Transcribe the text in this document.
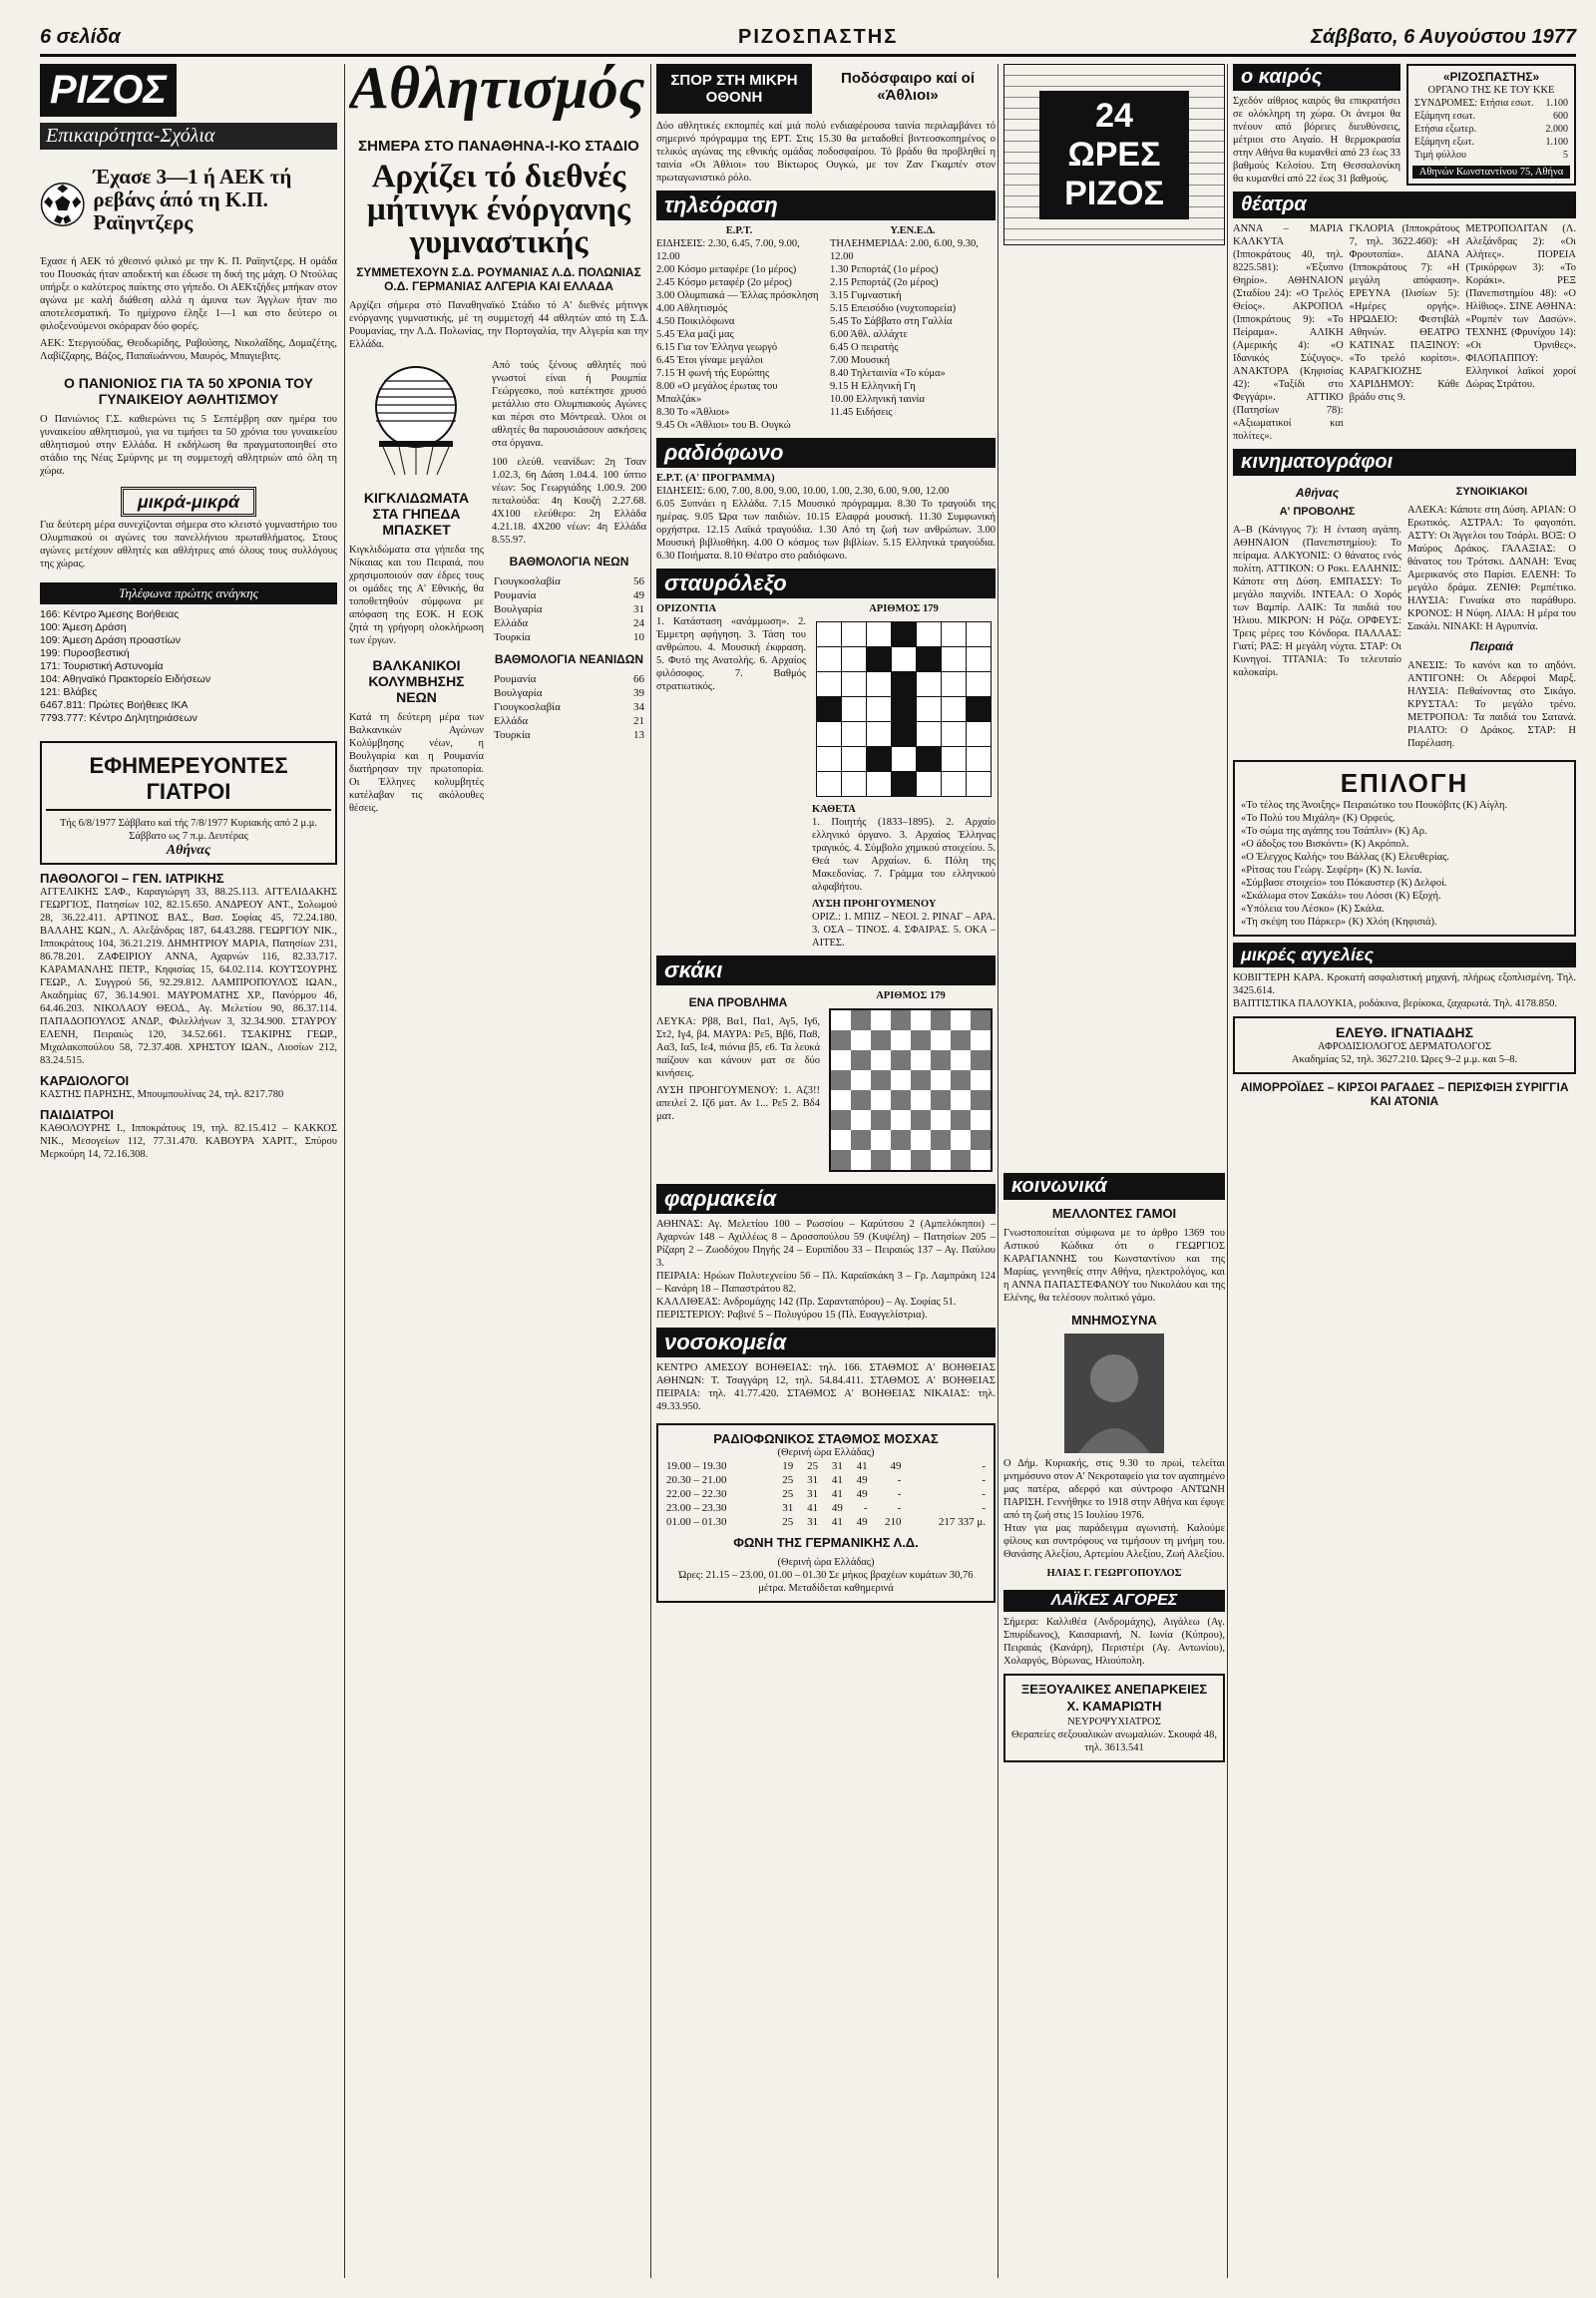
6 σελίδα	ΡΙΖΟΣΠΑΣΤΗΣ	Σάββατο, 6 Αυγούστου 1977
ΡΙΖΟΣ
Επικαιρότητα-Σχόλια
Έχασε 3—1 ή ΑΕΚ τή ρεβάνς άπό τη Κ.Π. Ραϊηντζερς
Έχασε ή ΑΕΚ τό χθεσινό φιλικό με την Κ. Π. Ραϊηντζερς. Η ομάδα του Πουσκάς ήταν αποδεκτή και έδωσε τη δική της μάχη. Ο Ντούλας υπήρξε ο καλύτερος παίκτης στο γήπεδο. Οι ΑΕΚτζήδες μπήκαν στον αγώνα με καλή διάθεση αλλά η άμυνα των Άγγλων ήταν πιο αποτελεσματική. Το ημίχρονο έληξε 1—1 και στο δεύτερο οι φιλοξενούμενοι σκόραραν δύο φορές.
ΑΕΚ: Στεργιούδας, Θεοδωρίδης, Ραβούσης, Νικολαΐδης, Δομαζέτης, Λαβίζζαρης, Βάζος, Παπαϊωάννου, Μαυρός, Μπαγιεβιτς.
Ο ΠΑΝΙΟΝΙΟΣ ΓΙΑ ΤΑ 50 ΧΡΟΝΙΑ ΤΟΥ ΓΥΝΑΙΚΕΙΟΥ ΑΘΛΗΤΙΣΜΟΥ
Ο Πανιώνιος Γ.Σ. καθιερώνει τις 5 Σεπτέμβρη σαν ημέρα του γυναικείου αθλητισμού, για να τιμήσει τα 50 χρόνια του γυναικείου αθλητισμού στην Ελλάδα. Η εκδήλωση θα πραγματοποιηθεί στο στάδιο της Νέας Σμύρνης με τη συμμετοχή αθλητριών από όλη τη χώρα.
μικρά-μικρά
Για δεύτερη μέρα συνεχίζονται σήμερα στο κλειστό γυμναστήριο του Ολυμπιακού οι αγώνες του πανελλήνιου πρωταθλήματος. Στους αγώνες μετέχουν αθλητές και αθλήτριες από όλους τους συλλόγους της χώρας.
Τηλέφωνα πρώτης ανάγκης
166: Κέντρο Άμεσης Βοήθειας
100: Άμεση Δράση
109: Άμεση Δράση προαστίων
199: Πυροσβεστική
171: Τουριστική Αστυνομία
104: Αθηναϊκό Πρακτορείο Ειδήσεων
121: Βλάβες
6467.811: Πρώτες Βοήθειες ΙΚΑ
7793.777: Κέντρο Δηλητηριάσεων
ΕΦΗΜΕΡΕΥΟΝΤΕΣ ΓΙΑΤΡΟΙ
Τής 6/8/1977 Σάββατο καί τής 7/8/1977 Κυριακής από 2 μ.μ. Σάββατο ως 7 π.μ. Δευτέρας
Αθήνας
ΠΑΘΟΛΟΓΟΙ – ΓΕΝ. ΙΑΤΡΙΚΗΣ
ΑΓΓΕΛΙΚΗΣ ΣΑΦ., Καραγιώργη 33, 88.25.113. ΑΓΓΕΛΙΔΑΚΗΣ ΓΕΩΡΓΙΟΣ, Πατησίων 102, 82.15.650. ΑΝΔΡΕΟΥ ΑΝΤ., Σολωμού 28, 36.22.411. ΑΡΤΙΝΟΣ ΒΑΣ., Βασ. Σοφίας 45, 72.24.180. ΒΑΛΑΗΣ ΚΩΝ., Λ. Αλεξάνδρας 187, 64.43.288. ΓΕΩΡΓΙΟΥ ΝΙΚ., Ιπποκράτους 104, 36.21.219. ΔΗΜΗΤΡΙΟΥ ΜΑΡΙΑ, Πατησίων 231, 86.78.201. ΖΑΦΕΙΡΙΟΥ ΑΝΝΑ, Αχαρνών 116, 82.33.717. ΚΑΡΑΜΑΝΛΗΣ ΠΕΤΡ., Κηφισίας 15, 64.02.114. ΚΟΥΤΣΟΥΡΗΣ ΓΕΩΡ., Λ. Συγγρού 56, 92.29.812. ΛΑΜΠΡΟΠΟΥΛΟΣ ΙΩΑΝ., Ακαδημίας 67, 36.14.901. ΜΑΥΡΟΜΑΤΗΣ ΧΡ., Πανόρμου 46, 64.46.203. ΝΙΚΟΛΑΟΥ ΘΕΟΔ., Αγ. Μελετίου 90, 86.37.114. ΠΑΠΑΔΟΠΟΥΛΟΣ ΑΝΔΡ., Φιλελλήνων 3, 32.34.900. ΣΤΑΥΡΟΥ ΕΛΕΝΗ, Πειραιώς 120, 34.52.661. ΤΣΑΚΙΡΗΣ ΓΕΩΡ., Μιχαλακοπούλου 58, 72.37.408. ΧΡΗΣΤΟΥ ΙΩΑΝ., Λιοσίων 212, 83.24.515.
ΚΑΡΔΙΟΛΟΓΟΙ
ΚΑΣΤΗΣ ΠΑΡΗΣΗΣ, Μπουμπουλίνας 24, τηλ. 8217.780
ΠΑΙΔΙΑΤΡΟΙ
ΚΑΘΟΛΟΥΡΗΣ Ι., Ιπποκράτους 19, τηλ. 82.15.412 – ΚΑΚΚΟΣ ΝΙΚ., Μεσογείων 112, 77.31.470. ΚΑΒΟΥΡΑ ΧΑΡΙΤ., Σπύρου Μερκούρη 14, 72.16.308.
Αθλητισμός
ΣΗΜΕΡΑ ΣΤΟ ΠΑΝΑΘΗΝΑ-Ι-ΚΟ ΣΤΑΔΙΟ
Αρχίζει τό διεθνές μήτινγκ ένόργανης γυμναστικής
ΣΥΜΜΕΤΕΧΟΥΝ Σ.Δ. ΡΟΥΜΑΝΙΑΣ Λ.Δ. ΠΟΛΩΝΙΑΣ Ο.Δ. ΓΕΡΜΑΝΙΑΣ ΑΛΓΕΡΙΑ ΚΑΙ ΕΛΛΑΔΑ
Αρχίζει σήμερα στό Παναθηναϊκό Στάδιο τό Α' διεθνές μήτινγκ ενόργανης γυμναστικής, μέ τη συμμετοχή 44 αθλητών από τη Σ.Δ. Ρουμανίας, την Λ.Δ. Πολωνίας, την Πορτογαλία, την Αλγερία και την Ελλάδα.
ΚΙΓΚΛΙΔΩΜΑΤΑ ΣΤΑ ΓΗΠΕΔΑ ΜΠΑΣΚΕΤ
Κιγκλιδώματα στα γήπεδα της Νίκαιας και του Πειραιά, που χρησιμοποιούν σαν έδρες τους οι ομάδες της Α' Εθνικής, θα τοποθετηθούν σύμφωνα με απόφαση της ΕΟΚ. Η ΕΟΚ ζητά τη γρήγορη ολοκλήρωση των έργων.
ΒΑΛΚΑΝΙΚΟΙ ΚΟΛΥΜΒΗΣΗΣ ΝΕΩΝ
Κατά τη δεύτερη μέρα των Βαλκανικών Αγώνων Κολύμβησης νέων, η Βουλγαρία και η Ρουμανία διατήρησαν την πρωτοπορία. Οι Έλληνες κολυμβητές κατέλαβαν τις ακόλουθες θέσεις.
Από τούς ξένους αθλητές πού γνωστοί είναι ή Ρουμπία Γεώργεσκο, πού κατέκτησε χρυσό μετάλλιο στο Ολυμπιακούς Αγώνες και πέρσι στο Μόντρεαλ. Όλοι οι αθλητές θα παρουσιάσουν ασκήσεις στα όργανα.
100 ελεύθ. νεανίδων: 2η Τσαν 1.02.3, 6η Δάση 1.04.4. 100 ύπτιο νέων: 5ος Γεωργιάδης 1.00.9. 200 πεταλούδα: 4η Κουζή 2.27.68. 4Χ100 ελεύθερο: 2η Ελλάδα 4.21.18. 4Χ200 νέων: 4η Ελλάδα 8.55.97.
ΒΑΘΜΟΛΟΓΙΑ ΝΕΩΝ
Γιουγκοσλαβία	56
Ρουμανία	49
Βουλγαρία	31
Ελλάδα	24
Τουρκία	10
ΒΑΘΜΟΛΟΓΙΑ ΝΕΑΝΙΔΩΝ
Ρουμανία	66
Βουλγαρία	39
Γιουγκοσλαβία	34
Ελλάδα	21
Τουρκία	13
ΣΠΟΡ ΣΤΗ ΜΙΚΡΗ ΟΘΟΝΗ
Ποδόσφαιρο καί οί «Άθλιοι»
Δύο αθλητικές εκπομπές καί μιά πολύ ενδιαφέρουσα ταινία περιλαμβάνει τό σημερινό πρόγραμμα της ΕΡΤ. Στις 15.30 θα μεταδοθεί βιντεοσκοπημένος ο τελικός αγώνας της εθνικής ομάδας ποδοσφαίρου. Τό βράδυ θα προβληθεί η ταινία «Οι Άθλιοι» του Βίκτωρος Ουγκώ, με τον Ζαν Γκαμπέν στον πρωταγωνιστικό ρόλο.
τηλεόραση
Ε.Ρ.Τ.
ΕΙΔΗΣΕΙΣ: 2.30, 6.45, 7.00, 9.00, 12.00
2.00 Κόσμο μεταφέρε (1ο μέρος)
2.45 Κόσμο μεταφέρ (2ο μέρος)
3.00 Ολυμπιακά — Έλλας πρόσκληση
4.00 Αθλητισμός
4.50 Ποικιλόφωνα
5.45 Έλα μαζί μας
6.15 Για τον Έλληνα γεωργό
6.45 Έτοι γίναμε μεγάλοι
7.15 Ή φωνή τής Ευρώπης
8.00 «Ο μεγάλος έρωτας του Μπαλζάκ»
8.30 Το «Άθλιοι»
9.45 Οι «Άθλιοι» του Β. Ουγκώ
Υ.ΕΝ.Ε.Δ.
ΤΗΛΕΗΜΕΡΙΔΑ: 2.00, 6.00, 9.30, 12.00
1.30 Ρεπορτάζ (1ο μέρος)
2.15 Ρεπορτάζ (2ο μέρος)
3.15 Γυμναστική
5.15 Επεισόδιο (νυχτοπορεία)
5.45 Το Σάββατο στη Γαλλία
6.00 Άθλ. αλλάχτε
6.45 Ο πειρατής
7.00 Μουσική
8.40 Τηλεταινία «Το κύμα»
9.15 Η Ελληνική Γη
10.00 Ελληνική ταινία
11.45 Ειδήσεις
ραδιόφωνο
Ε.Ρ.Τ. (Α' ΠΡΟΓΡΑΜΜΑ)
ΕΙΔΗΣΕΙΣ: 6.00, 7.00, 8.00, 9.00, 10.00, 1.00, 2.30, 6.00, 9.00, 12.00
6.05 Ξυπνάει η Ελλάδα. 7.15 Μουσικό πρόγραμμα. 8.30 Το τραγούδι της ημέρας. 9.05 Ώρα των παιδιών. 10.15 Ελαφρά μουσική. 11.30 Συμφωνική ορχήστρα. 12.15 Λαϊκά τραγούδια. 1.30 Από τη ζωή των ανθρώπων. 3.00 Μουσική βιβλιοθήκη. 4.00 Ο κόσμος των βιβλίων. 5.15 Ελληνικά τραγούδια. 6.30 Ποιήματα. 8.10 Θέατρο στο ραδιόφωνο.
σταυρόλεξο
ΟΡΙΖΟΝΤΙΑ
1. Κατάσταση «ανάμμωση». 2. Έμμετρη αφήγηση. 3. Τάση του ανθρώπου. 4. Μουσική έκφραση. 5. Φυτό της Ανατολής. 6. Αρχαίος φιλόσοφος. 7. Βαθμός στρατιωτικός.
ΑΡΙΘΜΟΣ 179
ΚΑΘΕΤΑ
1. Ποιητής (1833–1895). 2. Αρχαίο ελληνικό όργανο. 3. Αρχαίος Έλληνας τραγικός. 4. Σύμβολο χημικού στοιχείου. 5. Θεά των Αρχαίων. 6. Πόλη της Μακεδονίας. 7. Γράμμα του ελληνικού αλφαβήτου.
ΛΥΣΗ ΠΡΟΗΓΟΥΜΕΝΟΥ
ΟΡΙΖ.: 1. ΜΠΙΖ – ΝΕΟΙ. 2. ΡΙΝΑΓ – ΑΡΑ. 3. ΟΣΑ – ΤΙΝΟΣ. 4. ΣΦΑΙΡΑΣ. 5. ΟΚΑ – ΑΙΤΕΣ.
σκάκι
ΕΝΑ ΠΡΟΒΛΗΜΑ
ΛΕΥΚΑ: Ρβ8, Βα1, Πα1, Αγ5, Ιγ6, Στ2, Ιγ4, β4. ΜΑΥΡΑ: Ρε5, Ββ6, Πα8, Αα3, Ια5, Ιε4, πιόνια β5, ε6. Τα λευκά παίζουν και κάνουν ματ σε δύο κινήσεις.
ΛΥΣΗ ΠΡΟΗΓΟΥΜΕΝΟΥ: 1. Αζ3!! απειλεί 2. Ιζ6 ματ. Αν 1... Ρε5 2. Βδ4 ματ.
ΑΡΙΘΜΟΣ 179
φαρμακεία
ΑΘΗΝΑΣ: Αγ. Μελετίου 100 – Ρωσσίου – Καρύτσου 2 (Αμπελόκηποι) – Αχαρνών 148 – Αχιλλέως 8 – Δροσοπούλου 59 (Κυψέλη) – Πατησίων 205 – Ρίζαρη 2 – Ζωοδόχου Πηγής 24 – Ευριπίδου 33 – Πειραιώς 137 – Αγ. Παύλου 3.
ΠΕΙΡΑΙΑ: Ηρώων Πολυτεχνείου 56 – Πλ. Καραϊσκάκη 3 – Γρ. Λαμπράκη 124 – Κανάρη 18 – Παπαστράτου 82.
ΚΑΛΛΙΘΕΑΣ: Ανδρομάχης 142 (Πρ. Σαρανταπόρου) – Αγ. Σοφίας 51.
ΠΕΡΙΣΤΕΡΙΟΥ: Ραβινέ 5 – Πολυγύρου 15 (Πλ. Ευαγγελίστρια).
νοσοκομεία
ΚΕΝΤΡΟ ΑΜΕΣΟΥ ΒΟΗΘΕΙΑΣ: τηλ. 166. ΣΤΑΘΜΟΣ Α' ΒΟΗΘΕΙΑΣ ΑΘΗΝΩΝ: Τ. Τσαγγάρη 12, τηλ. 54.84.411. ΣΤΑΘΜΟΣ Α' ΒΟΗΘΕΙΑΣ ΠΕΙΡΑΙΑ: τηλ. 41.77.420. ΣΤΑΘΜΟΣ Α' ΒΟΗΘΕΙΑΣ ΝΙΚΑΙΑΣ: τηλ. 49.33.950.
ΡΑΔΙΟΦΩΝΙΚΟΣ ΣΤΑΘΜΟΣ ΜΟΣΧΑΣ
(Θερινή ώρα Ελλάδας)
19.00 – 19.30	19	25	31	41	49	-
20.30 – 21.00	25	31	41	49	-	-
22.00 – 22.30	25	31	41	49	-	-
23.00 – 23.30	31	41	49	-	-	-
01.00 – 01.30	25	31	41	49	210	217 337 μ.
ΦΩΝΗ ΤΗΣ ΓΕΡΜΑΝΙΚΗΣ Λ.Δ.
(Θερινή ώρα Ελλάδας)
Ώρες: 21.15 – 23.00, 01.00 – 01.30 Σε μήκος βραχέων κυμάτων 30,76 μέτρα. Μεταδίδεται καθημερινά
24 ΩΡΕΣ ΡΙΖΟΣ
κοινωνικά
ΜΕΛΛΟΝΤΕΣ ΓΑΜΟΙ
Γνωστοποιείται σύμφωνα με το άρθρο 1369 του Αστικού Κώδικα ότι ο ΓΕΩΡΓΙΟΣ ΚΑΡΑΓΙΑΝΝΗΣ του Κωνσταντίνου και της Μαρίας, γεννηθείς στην Αθήνα, ηλεκτρολόγος, και η ΑΝΝΑ ΠΑΠΑΣΤΕΦΑΝΟΥ του Νικολάου και της Ελένης, θα τελέσουν πολιτικό γάμο.
ΜΝΗΜΟΣΥΝΑ
Ο Δήμ. Κυριακής, στις 9.30 το πρωί, τελείται μνημόσυνο στον Α' Νεκροταφείο για τον αγαπημένο μας πατέρα, αδερφό και σύντροφο ΑΝΤΩΝΗ ΠΑΡΙΣΗ. Γεννήθηκε το 1918 στην Αθήνα και έφυγε από τη ζωή στις 15 Ιουλίου 1976.
Ήταν για μας παράδειγμα αγωνιστή. Καλούμε φίλους και συντρόφους να τιμήσουν τη μνήμη του. Θανάσης Αλεξίου, Αρτεμίου Αλεξίου, Ζωή Αλεξίου.
ΗΛΙΑΣ Γ. ΓΕΩΡΓΟΠΟΥΛΟΣ
ΛΑΪΚΕΣ ΑΓΟΡΕΣ
Σήμερα: Καλλιθέα (Ανδρομάχης), Αιγάλεω (Αγ. Σπυρίδωνος), Καισαριανή, Ν. Ιωνία (Κύπρου), Πειραιάς (Κανάρη), Περιστέρι (Αγ. Αντωνίου), Χολαργός, Βύρωνας, Ηλιούπολη.
ΞΕΞΟΥΑΛΙΚΕΣ ΑΝΕΠΑΡΚΕΙΕΣ
Χ. ΚΑΜΑΡΙΩΤΗ
ΝΕΥΡΟΨΥΧΙΑΤΡΟΣ
Θεραπείες σεξουαλικών ανωμαλιών. Σκουφά 48, τηλ. 3613.541
ο καιρός
Σχεδόν αίθριος καιρός θα επικρατήσει σε ολόκληρη τη χώρα. Οι άνεμοι θα πνέουν από βόρειες διευθύνσεις, μέτριοι στο Αιγαίο. Η θερμοκρασία στην Αθήνα θα κυμανθεί από 23 έως 33 βαθμούς Κελσίου. Στη Θεσσαλονίκη θα κυμανθεί από 22 έως 31 βαθμούς.
«ΡΙΖΟΣΠΑΣΤΗΣ»
ΟΡΓΑΝΟ ΤΗΣ ΚΕ ΤΟΥ ΚΚΕ
ΣΥΝΔΡΟΜΕΣ: Ετήσια εσωτ.	1.100
Εξάμηνη εσωτ.	600
Ετήσια εξωτερ.	2.000
Εξάμηνη εξωτ.	1.100
Τιμή φύλλου	5
Αθηνών Κωνσταντίνου 75, Αθήνα
θέατρα
ΑΝΝΑ – ΜΑΡΙΑ ΚΑΛΚΥΤΑ (Ιπποκράτους 40, τηλ. 8225.581): «Έξυπνο Θηρίο». ΑΘΗΝΑΙΟΝ (Σταδίου 24): «Ο Τρελός Θείος». ΑΚΡΟΠΟΛ (Ιπποκράτους 9): «Το Πείραμα». ΑΛΙΚΗ (Αμερικής 4): «Ο Ιδανικός Σύζυγος». ΑΝΑΚΤΟΡΑ (Κηφισίας 42): «Ταξίδι στο Φεγγάρι». ΑΤΤΙΚΟ (Πατησίων 78): «Αξιωματικοί και πολίτες».
ΓΚΛΟΡΙΑ (Ιπποκράτους 7, τηλ. 3622.460): «Η Φρουτοπία». ΔΙΑΝΑ (Ιπποκράτους 7): «Η μεγάλη απόφαση». ΕΡΕΥΝΑ (Ιλισίων 5): «Ημέρες οργής». ΗΡΩΔΕΙΟ: Φεστιβάλ Αθηνών. ΘΕΑΤΡΟ ΚΑΤΙΝΑΣ ΠΑΞΙΝΟΥ: «Το τρελό κορίτσι». ΚΑΡΑΓΚΙΟΖΗΣ ΧΑΡΙΔΗΜΟΥ: Κάθε βράδυ στις 9.
ΜΕΤΡΟΠΟΛΙΤΑΝ (Λ. Αλεξάνδρας 2): «Οι Αλήτες». ΠΟΡΕΙΑ (Τρικόρφων 3): «Το Κοράκι». ΡΕΞ (Πανεπιστημίου 48): «Ο Ηλίθιος». ΣΙΝΕ ΑΘΗΝΑ: «Ρομπέν των Δασών». ΤΕΧΝΗΣ (Φρυνίχου 14): «Οι Όρνιθες». ΦΙΛΟΠΑΠΠΟΥ: Ελληνικοί λαϊκοί χοροί Δώρας Στράτου.
κινηματογράφοι
Αθήνας
Α' ΠΡΟΒΟΛΗΣ
Α–Β (Κάνιγγος 7): Η ένταση αγάπη. ΑΘΗΝΑΙΟΝ (Πανεπιστημίου): Το πείραμα. ΑΛΚΥΟΝΙΣ: Ο θάνατος ενός πολίτη. ΑΤΤΙΚΟΝ: Ο Ροκι. ΕΛΛΗΝΙΣ: Κάποτε στη Δύση. ΕΜΠΑΣΣΥ: Το μεγάλο παιχνίδι. ΙΝΤΕΑΛ: Ο Χορός των Βαμπίρ. ΛΑΙΚ: Τα παιδιά του Ήλιου. ΜΙΚΡΟΝ: Η Ρόζα. ΟΡΦΕΥΣ: Τρεις μέρες του Κόνδορα. ΠΑΛΛΑΣ: Γιατί; ΡΑΞ: Η μεγάλη νύχτα. ΣΤΑΡ: Οι Κυνηγοί. ΤΙΤΑΝΙΑ: Το τελευταίο καλοκαίρι.
ΣΥΝΟΙΚΙΑΚΟΙ
ΑΛΕΚΑ: Κάποτε στη Δύση. ΑΡΙΑΝ: Ο Ερωτικός. ΑΣΤΡΑΛ: Το φαγοπότι. ΑΣΤΥ: Οι Άγγελοι του Τσάρλι. ΒΟΞ: Ο Μαύρος Δράκος. ΓΑΛΑΞΙΑΣ: Ο θάνατος του Τρότσκι. ΔΑΝΑΗ: Ένας Αμερικανός στο Παρίσι. ΕΛΕΝΗ: Το μεγάλο δράμα. ΖΕΝΙΘ: Ρεμπέτικο. ΗΛΥΣΙΑ: Γυναίκα στο παράθυρο. ΚΡΟΝΟΣ: Η Νύφη. ΛΙΛΑ: Η μέρα του Σακάλι. ΝΙΝΑΚΙ: Η Αγρυπνία.
Πειραιά
ΑΝΕΣΙΣ: Το κανόνι και το αηδόνι. ΑΝΤΙΓΟΝΗ: Οι Αδερφοί Μαρξ. ΗΛΥΣΙΑ: Πεθαίνοντας στο Σικάγο. ΚΡΥΣΤΑΛ: Το μεγάλο τρένο. ΜΕΤΡΟΠΟΛ: Τα παιδιά του Σατανά. ΡΙΑΛΤΟ: Ο Δράκος. ΣΤΑΡ: Η Παρέλαση.
ΕΠΙΛΟΓΗ
«Το τέλος της Άνοιξης» Πειραιώτικο του Πουκόβιτς (Κ) Αίγλη.
«Το Πολύ του Μιχάλη» (Κ) Ορφεύς.
«Το σώμα της αγάπης του Τσάπλιν» (Κ) Αρ.
«Ο άδοξος του Βισκόντι» (Κ) Ακρόπολ.
«Ο Έλεγχος Καλής» του Βάλλας (Κ) Ελευθερίας.
«Ρίτσας του Γεώργ. Σεφέρη» (Κ) Ν. Ιωνία.
«Σύμβασε στοιχείο» του Πόκαυστερ (Κ) Δελφοί.
«Σκάλωμα στον Σακάλι» του Λόσσι (Κ) Εξοχή.
«Υπόλεια του Λέσκο» (Κ) Σκάλα.
«Τη σκέψη του Πάρκερ» (Κ) Χλόη (Κηφισιά).
μικρές αγγελίες
ΚΟΒΙΓΤΕΡΗ ΚΑΡΑ. Κροκατή ασφαλιστική μηχανή, πλήρως εξοπλισμένη. Τηλ. 3425.614.
ΒΑΠΤΙΣΤΙΚΑ ΠΑΛΟΥΚΙΑ, ροδάκινα, βερίκοκα, ζαχαρωτά. Τηλ. 4178.850.
ΕΛΕΥΘ. ΙΓΝΑΤΙΑΔΗΣ
ΑΦΡΟΔΙΣΙΟΛΟΓΟΣ ΔΕΡΜΑΤΟΛΟΓΟΣ
Ακαδημίας 52, τηλ. 3627.210. Ώρες 9–2 μ.μ. και 5–8.
ΑΙΜΟΡΡΟΪΔΕΣ – ΚΙΡΣΟΙ ΡΑΓΑΔΕΣ – ΠΕΡΙΣΦΙΞΗ ΣΥΡΙΓΓΙΑ ΚΑΙ ΑΤΟΝΙΑ
